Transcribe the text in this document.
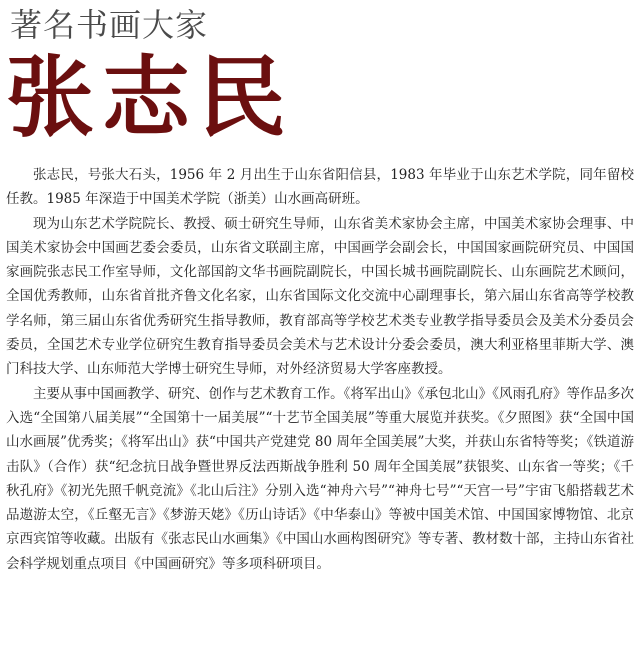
著名书画大家
张志民

张志民，号张大石头，1956 年 2 月出生于山东省阳信县，1983 年毕业于山东艺术学院，同年留校任教。1985 年深造于中国美术学院（浙美）山水画高研班。

现为山东艺术学院院长、教授、硕士研究生导师，山东省美术家协会主席，中国美术家协会理事、中国美术家协会中国画艺委会委员，山东省文联副主席，中国画学会副会长，中国国家画院研究员、中国国家画院张志民工作室导师，文化部国韵文华书画院副院长，中国长城书画院副院长、山东画院艺术顾问，全国优秀教师，山东省首批齐鲁文化名家，山东省国际文化交流中心副理事长，第六届山东省高等学校教学名师，第三届山东省优秀研究生指导教师，教育部高等学校艺术类专业教学指导委员会及美术分委员会委员，全国艺术专业学位研究生教育指导委员会美术与艺术设计分委会委员，澳大利亚格里菲斯大学、澳门科技大学、山东师范大学博士研究生导师，对外经济贸易大学客座教授。

主要从事中国画教学、研究、创作与艺术教育工作。《将军出山》《承包北山》《风雨孔府》等作品多次入选“全国第八届美展”“全国第十一届美展”“十艺节全国美展”等重大展览并获奖。《夕照图》获“全国中国山水画展”优秀奖；《将军出山》获“中国共产党建党 80 周年全国美展”大奖，并获山东省特等奖；《铁道游击队》（合作）获“纪念抗日战争暨世界反法西斯战争胜利 50 周年全国美展”获银奖、山东省一等奖；《千秋孔府》《初光先照千帆竞流》《北山后注》分别入选“神舟六号”“神舟七号”“天宫一号”宇宙飞船搭载艺术品遨游太空，《丘壑无言》《梦游天姥》《历山诗话》《中华泰山》等被中国美术馆、中国国家博物馆、北京京西宾馆等收藏。出版有《张志民山水画集》《中国山水画构图研究》等专著、教材数十部，主持山东省社会科学规划重点项目《中国画研究》等多项科研项目。
